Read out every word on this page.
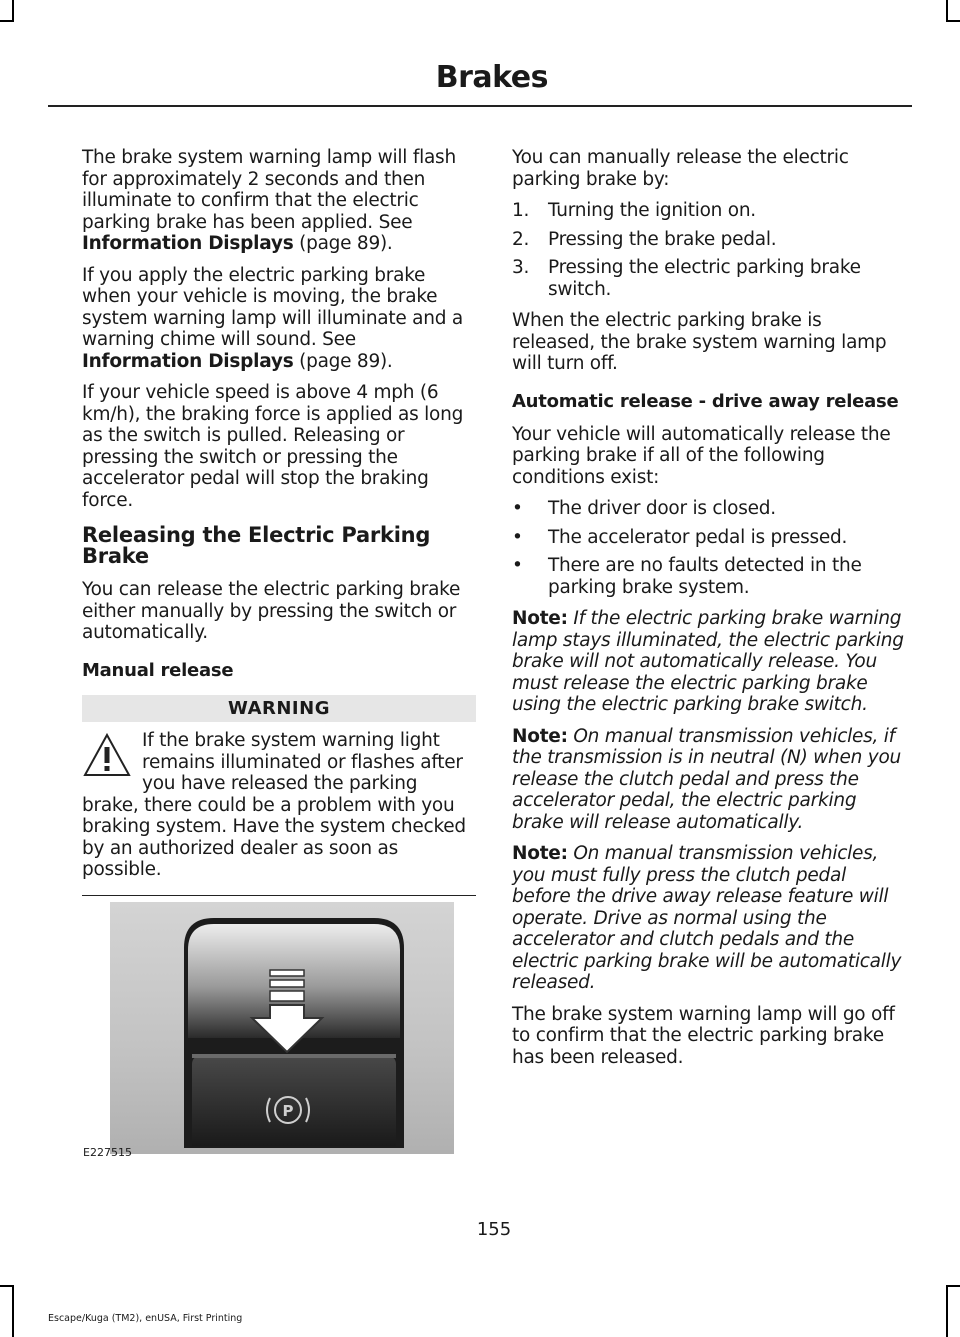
Brakes

The brake system warning lamp will flash for approximately 2 seconds and then illuminate to confirm that the electric parking brake has been applied. See Information Displays (page 89).

If you apply the electric parking brake when your vehicle is moving, the brake system warning lamp will illuminate and a warning chime will sound. See Information Displays (page 89).

If your vehicle speed is above 4 mph (6 km/h), the braking force is applied as long as the switch is pulled. Releasing or pressing the switch or pressing the accelerator pedal will stop the braking force.

Releasing the Electric Parking Brake

You can release the electric parking brake either manually by pressing the switch or automatically.

Manual release
WARNING
If the brake system warning light remains illuminated or flashes after you have released the parking brake, there could be a problem with you braking system. Have the system checked by an authorized dealer as soon as possible.
P
E227515

You can manually release the electric parking brake by:

1. Turning the ignition on.
2. Pressing the brake pedal.
3. Pressing the electric parking brake switch.

When the electric parking brake is released, the brake system warning lamp will turn off.

Automatic release - drive away release

Your vehicle will automatically release the parking brake if all of the following conditions exist:

• The driver door is closed.
• The accelerator pedal is pressed.
• There are no faults detected in the parking brake system.

Note: If the electric parking brake warning lamp stays illuminated, the electric parking brake will not automatically release. You must release the electric parking brake using the electric parking brake switch.

Note: On manual transmission vehicles, if the transmission is in neutral (N) when you release the clutch pedal and press the accelerator pedal, the electric parking brake will release automatically.

Note: On manual transmission vehicles, you must fully press the clutch pedal before the drive away release feature will operate. Drive as normal using the accelerator and clutch pedals and the electric parking brake will be automatically released.

The brake system warning lamp will go off to confirm that the electric parking brake has been released.

155
Escape/Kuga (TM2), enUSA, First Printing
